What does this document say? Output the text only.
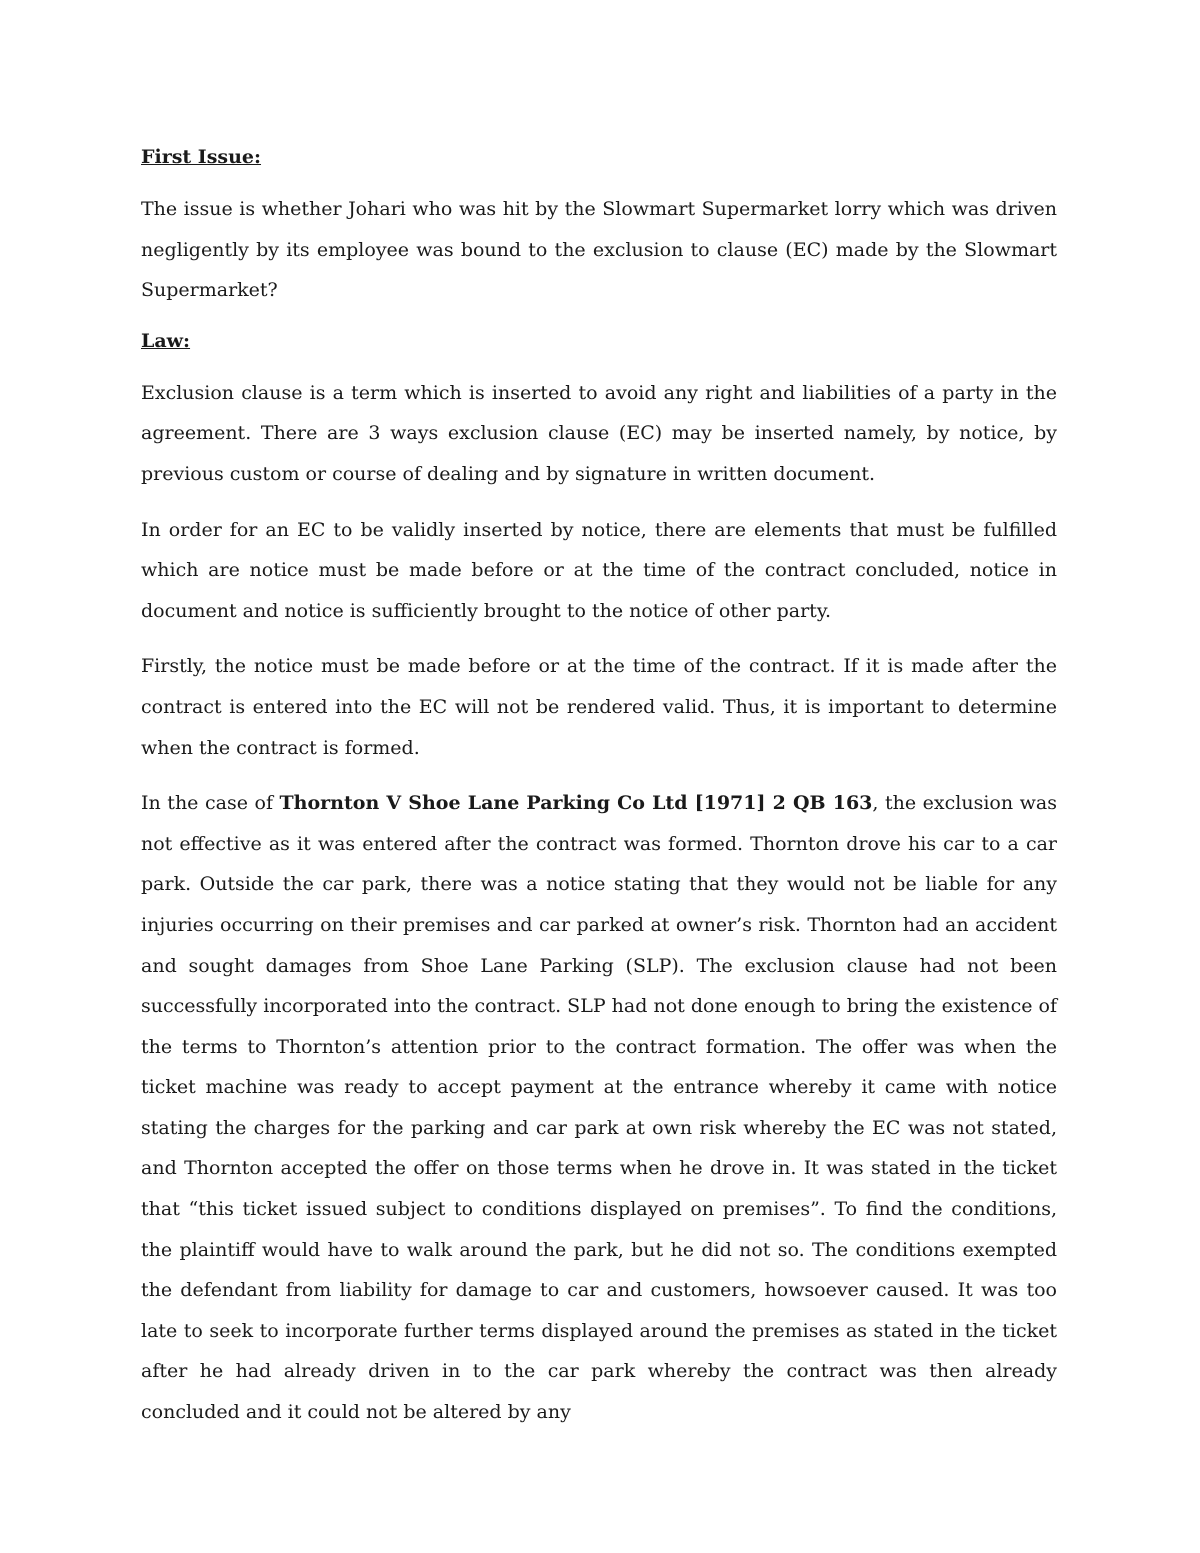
First Issue:

The issue is whether Johari who was hit by the Slowmart Supermarket lorry which was driven negligently by its employee was bound to the exclusion to clause (EC) made by the Slowmart Supermarket?

Law:

Exclusion clause is a term which is inserted to avoid any right and liabilities of a party in the agreement. There are 3 ways exclusion clause (EC) may be inserted namely, by notice, by previous custom or course of dealing and by signature in written document.

In order for an EC to be validly inserted by notice, there are elements that must be fulfilled which are notice must be made before or at the time of the contract concluded, notice in document and notice is sufficiently brought to the notice of other party.

Firstly, the notice must be made before or at the time of the contract. If it is made after the contract is entered into the EC will not be rendered valid. Thus, it is important to determine when the contract is formed.

In the case of Thornton V Shoe Lane Parking Co Ltd [1971] 2 QB 163, the exclusion was not effective as it was entered after the contract was formed. Thornton drove his car to a car park. Outside the car park, there was a notice stating that they would not be liable for any injuries occurring on their premises and car parked at owner’s risk. Thornton had an accident and sought damages from Shoe Lane Parking (SLP). The exclusion clause had not been successfully incorporated into the contract. SLP had not done enough to bring the existence of the terms to Thornton’s attention prior to the contract formation. The offer was when the ticket machine was ready to accept payment at the entrance whereby it came with notice stating the charges for the parking and car park at own risk whereby the EC was not stated, and Thornton accepted the offer on those terms when he drove in. It was stated in the ticket that “this ticket issued subject to conditions displayed on premises”. To find the conditions, the plaintiff would have to walk around the park, but he did not so. The conditions exempted the defendant from liability for damage to car and customers, howsoever caused. It was too late to seek to incorporate further terms displayed around the premises as stated in the ticket after he had already driven in to the car park whereby the contract was then already concluded and it could not be altered by any
